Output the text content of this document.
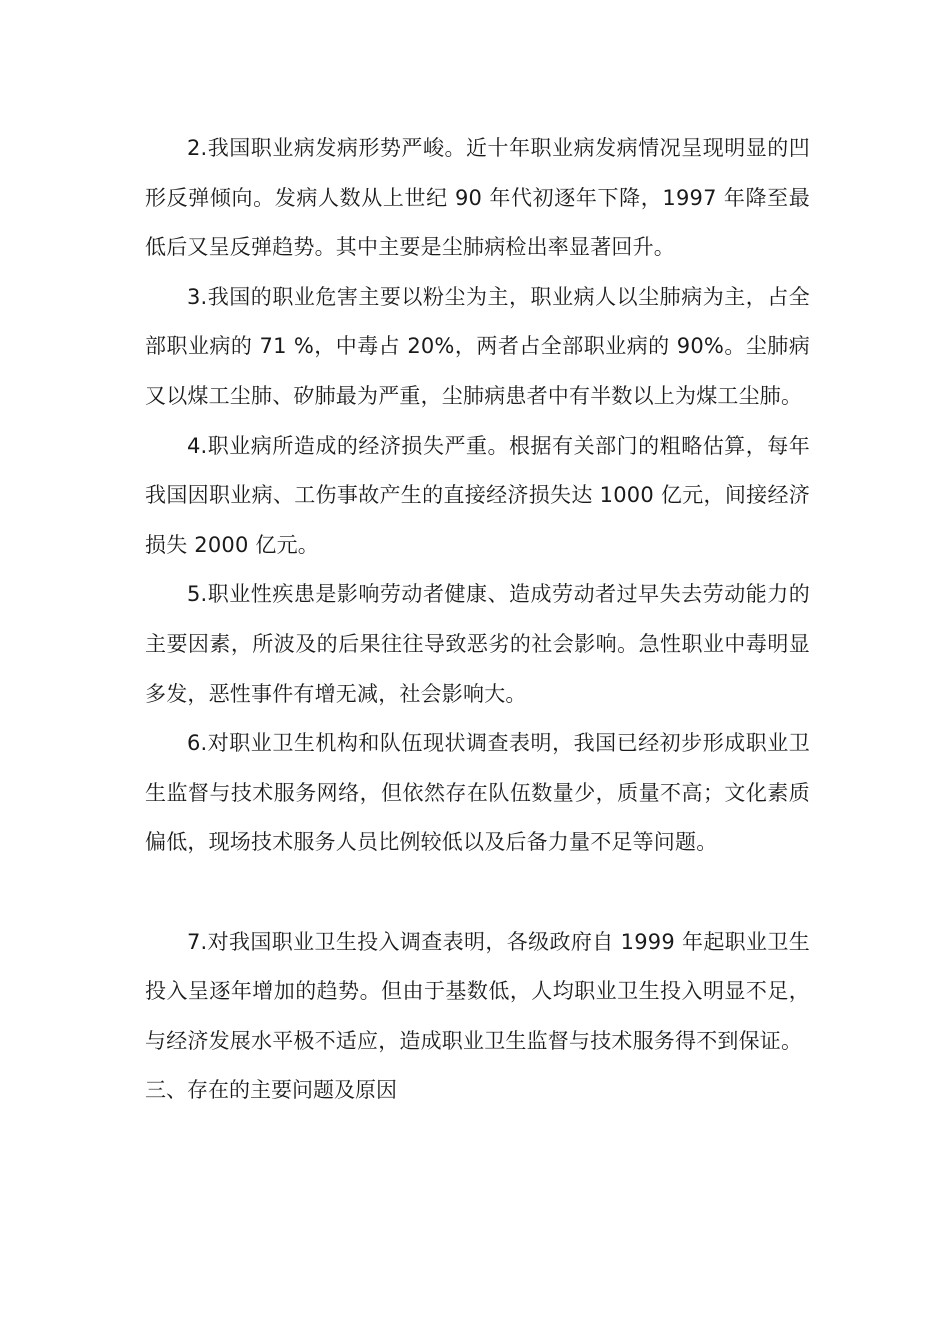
2.我国职业病发病形势严峻。近十年职业病发病情况呈现明显的凹形反弹倾向。发病人数从上世纪 90 年代初逐年下降，1997 年降至最低后又呈反弹趋势。其中主要是尘肺病检出率显著回升。

3.我国的职业危害主要以粉尘为主，职业病人以尘肺病为主，占全部职业病的 71 %，中毒占 20%，两者占全部职业病的 90%。尘肺病又以煤工尘肺、矽肺最为严重，尘肺病患者中有半数以上为煤工尘肺。

4.职业病所造成的经济损失严重。根据有关部门的粗略估算，每年我国因职业病、工伤事故产生的直接经济损失达 1000 亿元，间接经济损失 2000 亿元。

5.职业性疾患是影响劳动者健康、造成劳动者过早失去劳动能力的主要因素，所波及的后果往往导致恶劣的社会影响。急性职业中毒明显多发，恶性事件有增无减，社会影响大。

6.对职业卫生机构和队伍现状调查表明，我国已经初步形成职业卫生监督与技术服务网络，但依然存在队伍数量少，质量不高；文化素质偏低，现场技术服务人员比例较低以及后备力量不足等问题。

7.对我国职业卫生投入调查表明，各级政府自 1999 年起职业卫生投入呈逐年增加的趋势。但由于基数低，人均职业卫生投入明显不足，与经济发展水平极不适应，造成职业卫生监督与技术服务得不到保证。

三、存在的主要问题及原因
